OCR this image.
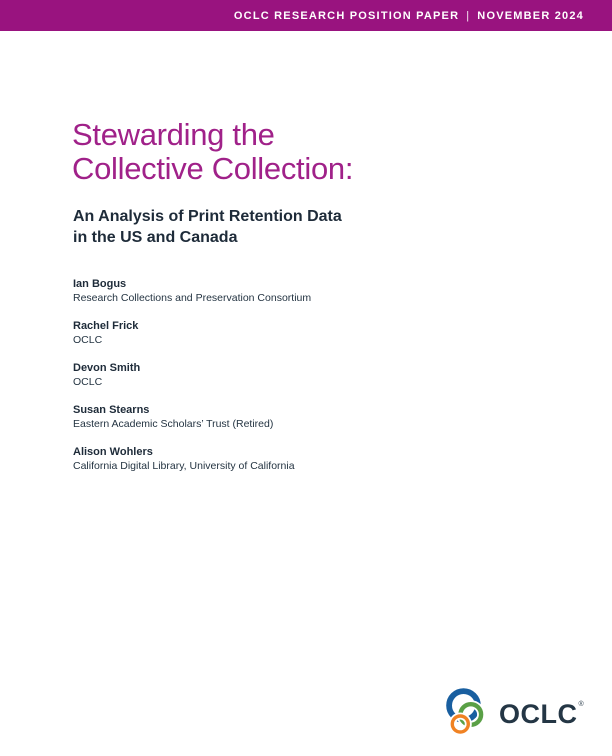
OCLC RESEARCH POSITION PAPER | NOVEMBER 2024
Stewarding the
Collective Collection:
An Analysis of Print Retention Data
in the US and Canada
Ian Bogus
Research Collections and Preservation Consortium
Rachel Frick
OCLC
Devon Smith
OCLC
Susan Stearns
Eastern Academic Scholars’ Trust (Retired)
Alison Wohlers
California Digital Library, University of California
OCLC ®
